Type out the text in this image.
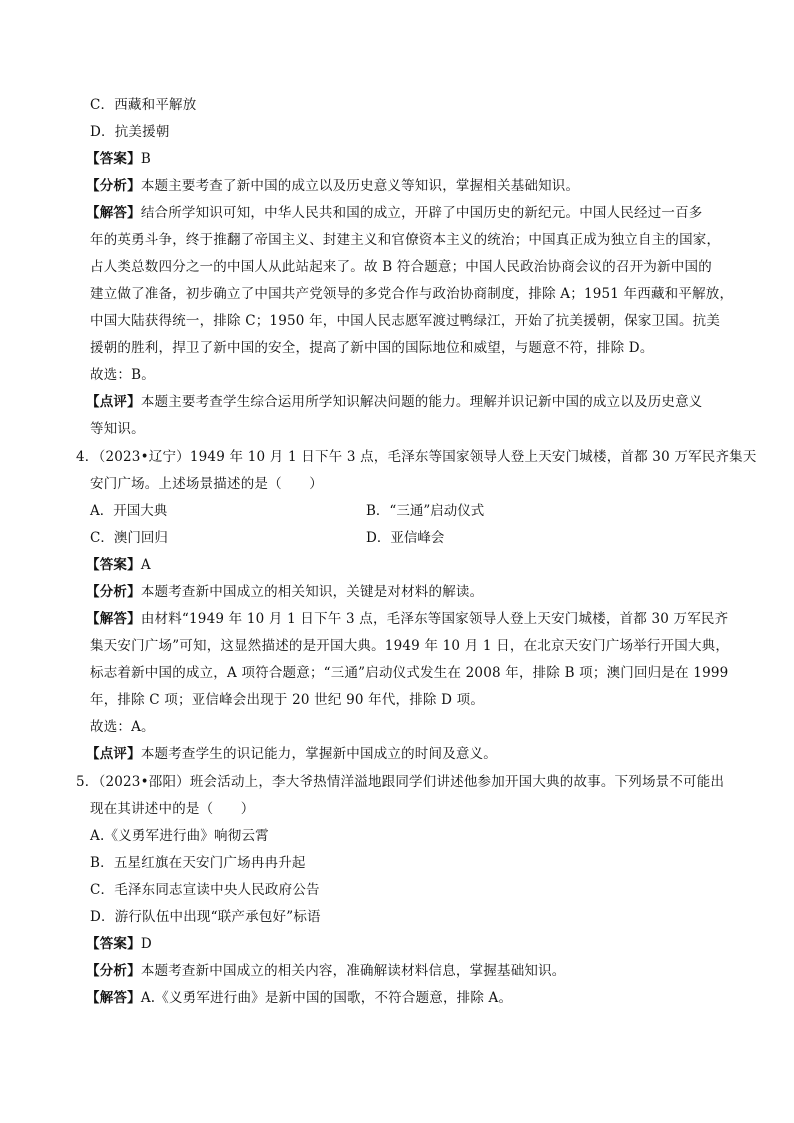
C．西藏和平解放
D．抗美援朝
【答案】B
【分析】本题主要考查了新中国的成立以及历史意义等知识，掌握相关基础知识。
【解答】结合所学知识可知，中华人民共和国的成立，开辟了中国历史的新纪元。中国人民经过一百多
年的英勇斗争，终于推翻了帝国主义、封建主义和官僚资本主义的统治；中国真正成为独立自主的国家，
占人类总数四分之一的中国人从此站起来了。故 B 符合题意；中国人民政治协商会议的召开为新中国的
建立做了准备，初步确立了中国共产党领导的多党合作与政治协商制度，排除 A；1951 年西藏和平解放，
中国大陆获得统一，排除 C；1950 年，中国人民志愿军渡过鸭绿江，开始了抗美援朝，保家卫国。抗美
援朝的胜利，捍卫了新中国的安全，提高了新中国的国际地位和威望，与题意不符，排除 D。
故选：B。
【点评】本题主要考查学生综合运用所学知识解决问题的能力。理解并识记新中国的成立以及历史意义
等知识。
4．（2023•辽宁）1949 年 10 月 1 日下午 3 点，毛泽东等国家领导人登上天安门城楼，首都 30 万军民齐集天
安门广场。上述场景描述的是（　　）
A．开国大典	B．“三通”启动仪式
C．澳门回归	D．亚信峰会
【答案】A
【分析】本题考查新中国成立的相关知识，关键是对材料的解读。
【解答】由材料“1949 年 10 月 1 日下午 3 点，毛泽东等国家领导人登上天安门城楼，首都 30 万军民齐
集天安门广场”可知，这显然描述的是开国大典。1949 年 10 月 1 日，在北京天安门广场举行开国大典，
标志着新中国的成立，A 项符合题意；“三通”启动仪式发生在 2008 年，排除 B 项；澳门回归是在 1999
年，排除 C 项；亚信峰会出现于 20 世纪 90 年代，排除 D 项。
故选：A。
【点评】本题考查学生的识记能力，掌握新中国成立的时间及意义。
5．（2023•邵阳）班会活动上，李大爷热情洋溢地跟同学们讲述他参加开国大典的故事。下列场景不可能出
现在其讲述中的是（　　）
A.《义勇军进行曲》响彻云霄
B．五星红旗在天安门广场冉冉升起
C．毛泽东同志宣读中央人民政府公告
D．游行队伍中出现“联产承包好”标语
【答案】D
【分析】本题考查新中国成立的相关内容，准确解读材料信息，掌握基础知识。
【解答】A.《义勇军进行曲》是新中国的国歌，不符合题意，排除 A。
